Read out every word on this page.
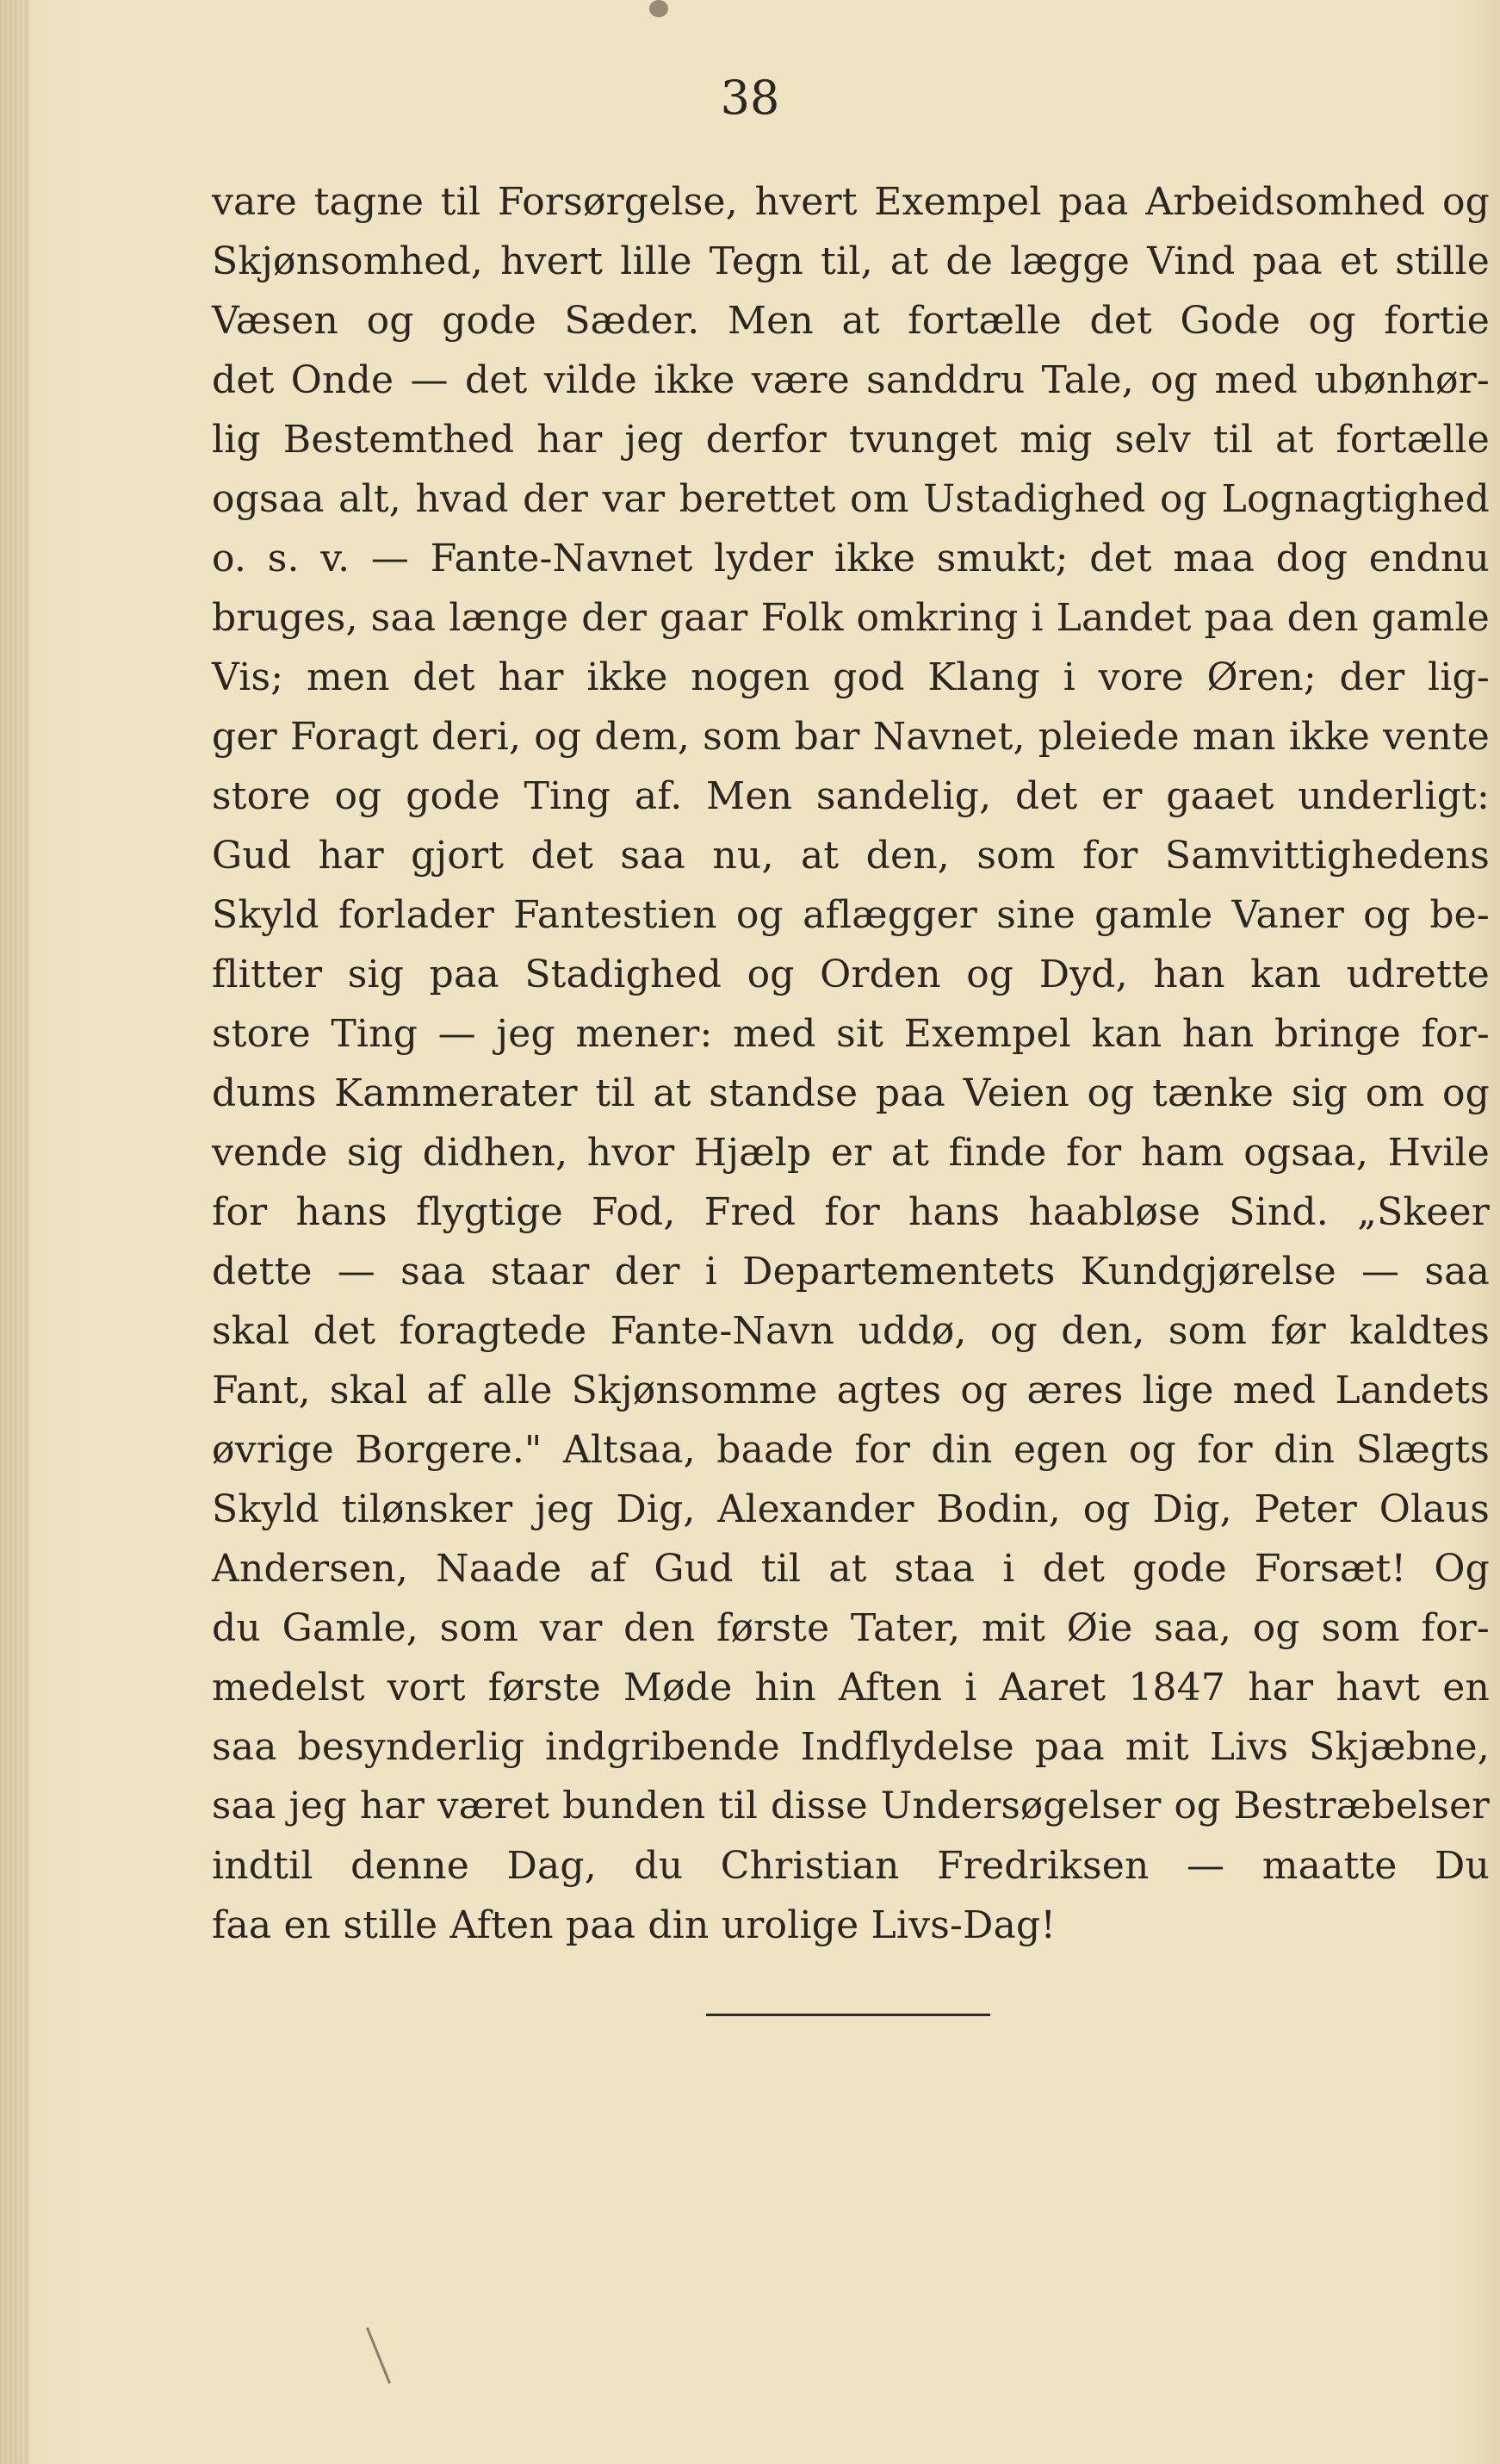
38
vare tagne til Forsørgelse, hvert Exempel paa Arbeidsomhed og
Skjønsomhed, hvert lille Tegn til, at de lægge Vind paa et stille
Væsen og gode Sæder. Men at fortælle det Gode og fortie
det Onde — det vilde ikke være sanddru Tale, og med ubønhør-
lig Bestemthed har jeg derfor tvunget mig selv til at fortælle
ogsaa alt, hvad der var berettet om Ustadighed og Lognagtighed
o. s. v. — Fante-Navnet lyder ikke smukt; det maa dog endnu
bruges, saa længe der gaar Folk omkring i Landet paa den gamle
Vis; men det har ikke nogen god Klang i vore Øren; der lig-
ger Foragt deri, og dem, som bar Navnet, pleiede man ikke vente
store og gode Ting af. Men sandelig, det er gaaet underligt:
Gud har gjort det saa nu, at den, som for Samvittighedens
Skyld forlader Fantestien og aflægger sine gamle Vaner og be-
flitter sig paa Stadighed og Orden og Dyd, han kan udrette
store Ting — jeg mener: med sit Exempel kan han bringe for-
dums Kammerater til at standse paa Veien og tænke sig om og
vende sig didhen, hvor Hjælp er at finde for ham ogsaa, Hvile
for hans flygtige Fod, Fred for hans haabløse Sind. „Skeer
dette — saa staar der i Departementets Kundgjørelse — saa
skal det foragtede Fante-Navn uddø, og den, som før kaldtes
Fant, skal af alle Skjønsomme agtes og æres lige med Landets
øvrige Borgere." Altsaa, baade for din egen og for din Slægts
Skyld tilønsker jeg Dig, Alexander Bodin, og Dig, Peter Olaus
Andersen, Naade af Gud til at staa i det gode Forsæt! Og
du Gamle, som var den første Tater, mit Øie saa, og som for-
medelst vort første Møde hin Aften i Aaret 1847 har havt en
saa besynderlig indgribende Indflydelse paa mit Livs Skjæbne,
saa jeg har været bunden til disse Undersøgelser og Bestræbelser
indtil denne Dag, du Christian Fredriksen — maatte Du
faa en stille Aften paa din urolige Livs-Dag!
